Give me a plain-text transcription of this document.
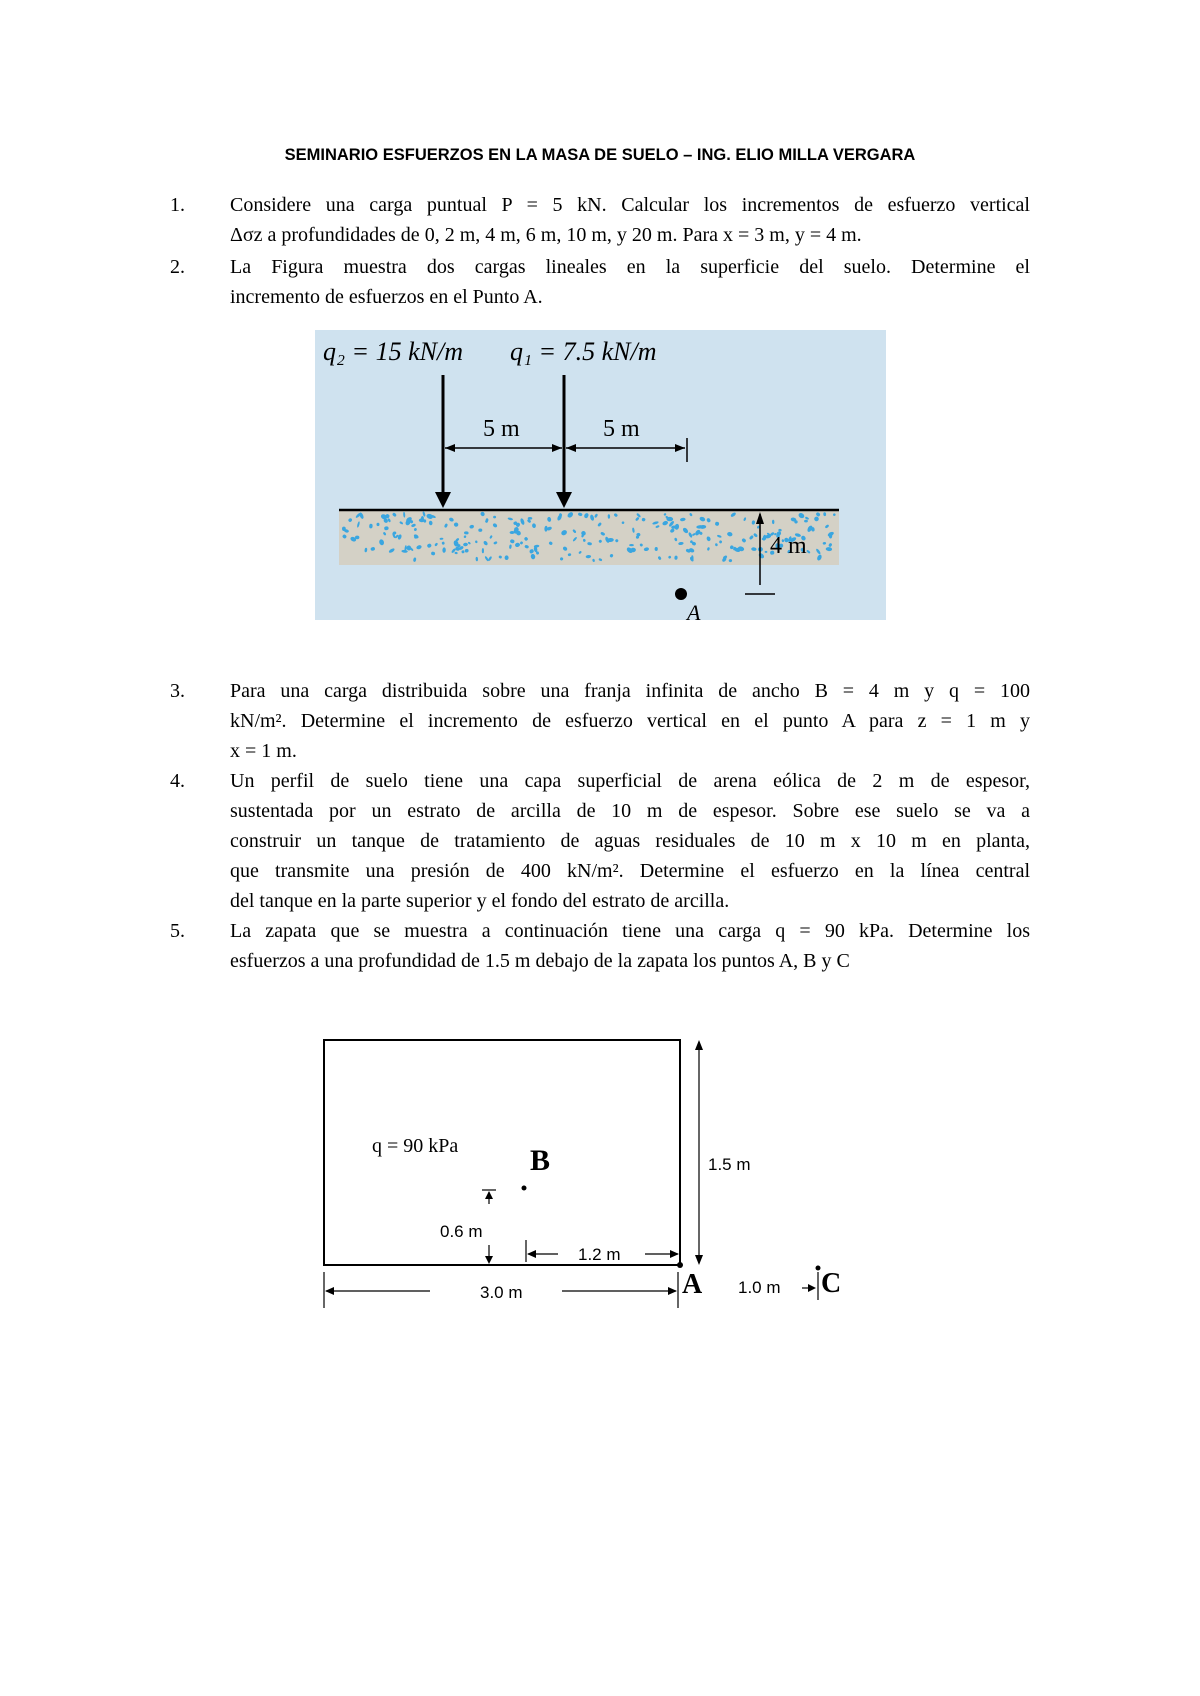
SEMINARIO ESFUERZOS EN LA MASA DE SUELO – ING. ELIO MILLA VERGARA
1.	Considere una carga puntual P = 5 kN. Calcular los incrementos de esfuerzo vertical
Δσz a profundidades de 0, 2 m, 4 m, 6 m, 10 m, y 20 m. Para x = 3 m, y = 4 m.
2.	La Figura muestra dos cargas lineales en la superficie del suelo. Determine el
incremento de esfuerzos en el Punto A.
q₂ = 15 kN/m q₁ = 7.5 kN/m
5 m	5 m
4 m
A
3.	Para una carga distribuida sobre una franja infinita de ancho B = 4 m y q = 100
kN/m². Determine el incremento de esfuerzo vertical en el punto A para z = 1 m y
x = 1 m.
4.	Un perfil de suelo tiene una capa superficial de arena eólica de 2 m de espesor,
sustentada por un estrato de arcilla de 10 m de espesor. Sobre ese suelo se va a
construir un tanque de tratamiento de aguas residuales de 10 m x 10 m en planta,
que transmite una presión de 400 kN/m². Determine el esfuerzo en la línea central
del tanque en la parte superior y el fondo del estrato de arcilla.
5.	La zapata que se muestra a continuación tiene una carga q = 90 kPa. Determine los
esfuerzos a una profundidad de 1.5 m debajo de la zapata los puntos A, B y C
q = 90 kPa B
0.6 m
1.2 m
1.5 m
A
3.0 m	1.0 m C
